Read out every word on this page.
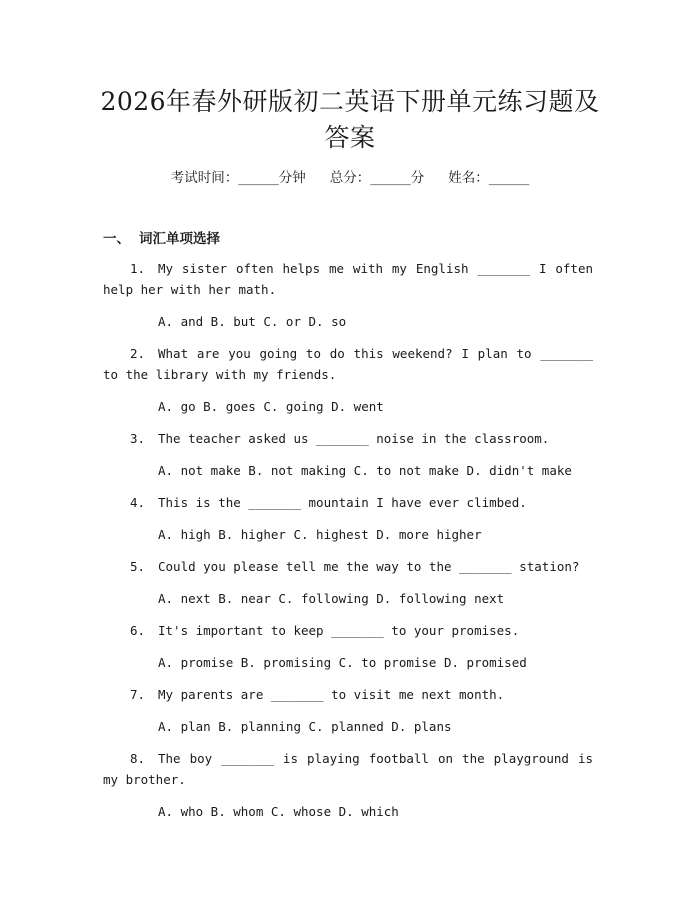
2026年春外研版初二英语下册单元练习题及答案
考试时间：______分钟 总分：______分 姓名：______
一、 词汇单项选择

1. My sister often helps me with my English _______ I often help her with her math.

A. and B. but C. or D. so

2. What are you going to do this weekend? I plan to _______ to the library with my friends.

A. go B. goes C. going D. went

3. The teacher asked us _______ noise in the classroom.

A. not make B. not making C. to not make D. didn't make

4. This is the _______ mountain I have ever climbed.

A. high B. higher C. highest D. more higher

5. Could you please tell me the way to the _______ station?

A. next B. near C. following D. following next

6. It's important to keep _______ to your promises.

A. promise B. promising C. to promise D. promised

7. My parents are _______ to visit me next month.

A. plan B. planning C. planned D. plans

8. The boy _______ is playing football on the playground is my brother.

A. who B. whom C. whose D. which
